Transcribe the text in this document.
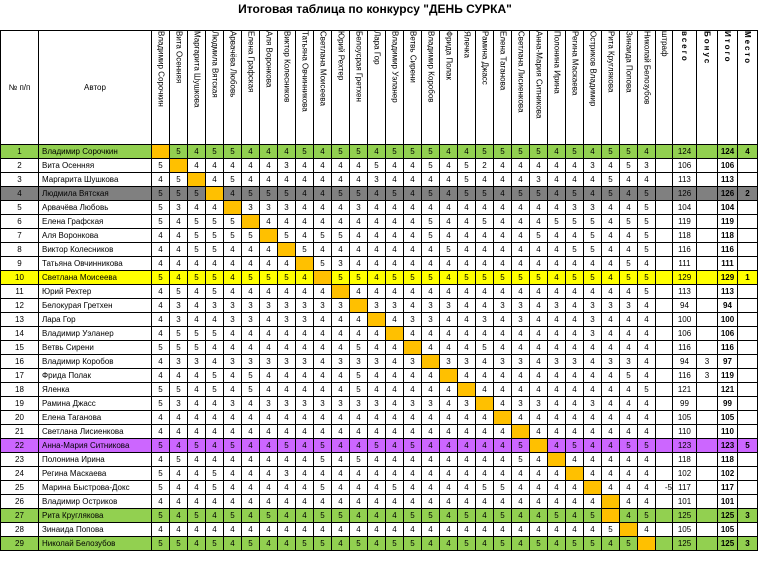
Итоговая таблица по конкурсу "ДЕНЬ СУРКА"
№ п/п	Автор	Владимир Сорочкин	Вита Осенняя	Маргарита Шушкова	Людмила Вятская	Арвачёва Любовь	Елена Графская	Аля Воронкова	Виктор Колесников	Татьяна Овчинникова	Светлана Моисеева	Юрий Рехтер	Белоусрая Гретхен	Лара Гор	Владимир Уэланер	Ветвь Сирени	Владимир Коробов	Фрида Полак	Ялечка	Рамина Джасс	Елена Таганова	Светлана Лисиенкова	Анна-Мария Ситникова	Полонина Ирина	Регина Маскаева	Остриков Владимир	Рита Круглякова	Зинаида Попова	Николай Белозубов	штраф	всего	Бонус	Итого	Место
1	Владимир Сорочкин		5	4	5	5	4	4	4	5	4	5	5	4	5	5	5	4	4	5	5	5	5	4	5	4	5	5	4		124		124	4
2	Вита Осенняя	5		4	4	4	4	4	3	4	4	4	4	5	4	4	5	4	5	2	4	4	4	4	4	3	4	5	3		106		106	
3	Маргарита Шушкова	4	5		4	5	4	4	4	4	4	4	4	3	4	4	4	4	5	4	4	4	3	4	4	4	5	4	4		113		113	
4	Людмила Вятская	5	5	5		4	5	5	5	4	4	5	5	4	5	4	5	4	5	5	4	5	5	4	5	4	5	4	5		126		126	2
5	Арвачёва Любовь	5	3	4	4		3	3	3	4	4	4	3	4	4	4	4	4	4	4	4	4	4	4	3	3	4	4	5		104		104	
6	Елена Графская	5	4	5	5	5		4	4	4	4	4	4	4	4	4	5	4	4	5	4	4	4	5	5	5	4	5	5		119		119	
7	Аля Воронкова	4	4	5	5	5	5		5	4	5	5	4	4	4	4	5	4	4	4	4	4	5	4	4	5	4	4	5		118		118	
8	Виктор Колесников	4	4	5	5	4	4	4		5	4	4	4	4	4	4	4	5	4	4	4	4	4	4	5	5	4	4	5		116		116	
9	Татьяна Овчинникова	4	4	4	4	4	4	4	4		5	3	4	4	4	4	4	4	4	4	4	4	4	4	4	4	4	5	4		111		111	
10	Светлана Моисеева	5	4	5	5	4	5	5	5	4		5	5	4	5	5	5	4	5	5	5	5	5	4	5	5	4	5	5		129		129	1
11	Юрий Рехтер	4	5	4	5	4	4	4	4	4	4		4	4	4	4	4	4	4	4	4	4	4	4	4	4	4	4	5		113		113	
12	Белокурая Гретхен	4	3	4	3	3	3	3	3	3	3	3		3	3	4	3	3	4	4	3	3	4	3	4	3	3	3	4		94		94	
13	Лара Гор	4	3	4	4	3	3	4	3	3	4	4	4		4	3	3	4	4	3	4	3	4	4	4	3	4	4	4		100		100	
14	Владимир Уэланер	4	5	5	5	4	4	4	4	4	4	4	4	4		4	4	4	4	4	4	4	4	4	4	3	4	4	4		106		106	
15	Ветвь Сирени	5	5	5	4	4	4	4	4	4	4	4	5	4	4		4	4	4	5	4	4	4	4	4	4	4	4	4		116		116	
16	Владимир Коробов	4	3	3	4	3	3	3	3	3	4	3	3	3	4	3		3	3	4	3	3	4	3	3	4	3	3	4		94	3	97	
17	Фрида Полак	4	4	4	5	4	5	4	4	4	4	4	5	4	4	4	4		4	4	4	4	4	4	4	4	4	5	4		116	3	119	
18	Яленка	5	5	4	5	4	5	4	4	4	4	4	5	4	4	4	4	4		4	4	4	4	4	4	4	4	4	5		121		121	
19	Рамина Джасс	5	3	4	4	3	4	3	3	3	3	3	3	3	4	3	3	4	3		4	3	3	4	4	3	4	4	4		99		99	
20	Елена Таганова	4	4	4	4	4	4	4	4	4	4	4	4	4	4	4	4	4	4	4		4	4	4	4	4	4	4	4		105		105	
21	Светлана Лисиенкова	4	4	4	4	4	4	4	4	4	4	4	4	4	4	4	4	4	4	4	4		4	4	4	4	4	4	4		110		110	
22	Анна-Мария Ситникова	5	4	5	4	5	4	4	5	4	5	4	4	5	4	5	4	4	4	4	4	5		4	5	4	4	5	5		123		123	5
23	Полонина Ирина	4	5	4	4	4	4	4	4	4	5	4	5	4	4	4	4	4	4	4	4	5	4		4	4	4	4	4		118		118	
24	Регина Маскаева	5	4	4	5	4	4	4	3	4	4	4	4	4	4	4	4	4	4	4	4	4	4	4		4	4	4	4		102		102	
25	Марина Быстрова-Докс	5	4	4	5	4	4	4	4	4	5	4	4	4	5	4	4	4	4	5	5	4	4	4	4		4	4	4	-5	117		117	
26	Владимир Остриков	4	4	4	4	4	4	4	4	4	4	4	4	4	4	4	4	4	4	4	4	4	4	4	4	4		4	4		101		101	
27	Рита Круглякова	5	4	5	4	5	4	5	4	4	5	5	4	4	4	5	5	4	5	4	5	4	4	5	4	5		4	5		125		125	3
28	Зинаида Попова	4	4	4	4	4	4	4	4	4	4	4	4	4	4	4	4	4	4	4	4	4	4	4	4	4	5		4		105		105	
29	Николай Белозубов	5	5	4	5	4	5	4	4	5	5	4	5	4	5	5	4	4	5	4	5	4	5	4	5	5	4	5			125		125	3
